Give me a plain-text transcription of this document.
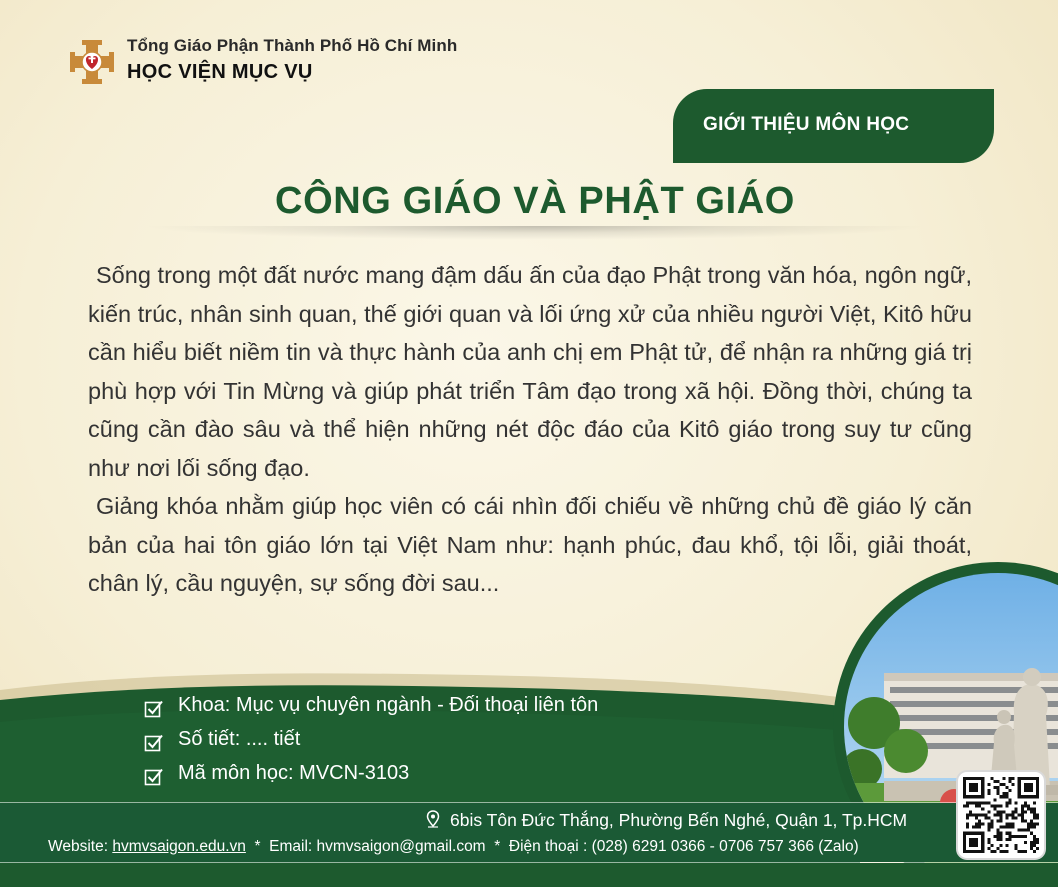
Tổng Giáo Phận Thành Phố Hồ Chí Minh
HỌC VIỆN MỤC VỤ
GIỚI THIỆU MÔN HỌC
CÔNG GIÁO VÀ PHẬT GIÁO

Sống trong một đất nước mang đậm dấu ấn của đạo Phật trong văn hóa, ngôn ngữ, kiến trúc, nhân sinh quan, thế giới quan và lối ứng xử của nhiều người Việt, Kitô hữu cần hiểu biết niềm tin và thực hành của anh chị em Phật tử, để nhận ra những giá trị phù hợp với Tin Mừng và giúp phát triển Tâm đạo trong xã hội. Đồng thời, chúng ta cũng cần đào sâu và thể hiện những nét độc đáo của Kitô giáo trong suy tư cũng như nơi lối sống đạo.

Giảng khóa nhằm giúp học viên có cái nhìn đối chiếu về những chủ đề giáo lý căn bản của hai tôn giáo lớn tại Việt Nam như: hạnh phúc, đau khổ, tội lỗi, giải thoát, chân lý, cầu nguyện, sự sống đời sau...

Khoa: Mục vụ chuyên ngành - Đối thoại liên tôn
Số tiết: .... tiết
Mã môn học: MVCN-3103
6bis Tôn Đức Thắng, Phường Bến Nghé, Quận 1, Tp.HCM
Website: hvmvsaigon.edu.vn  *  Email: hvmvsaigon@gmail.com  *  Điện thoại : (028) 6291 0366 - 0706 757 366 (Zalo)
